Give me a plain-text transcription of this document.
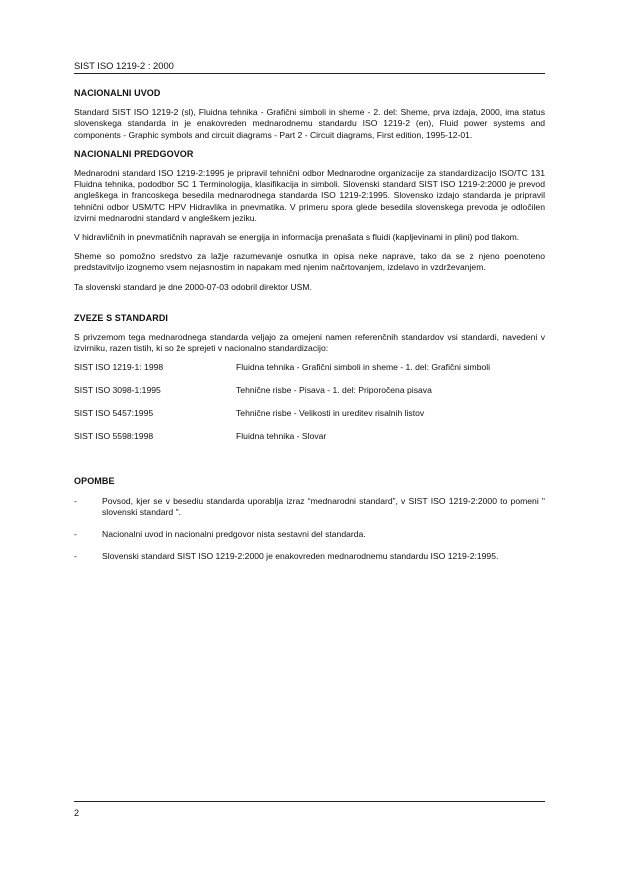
SIST ISO 1219-2 : 2000
NACIONALNI UVOD

Standard SIST ISO 1219-2 (sl), Fluidna tehnika - Grafični simboli in sheme - 2. del: Sheme, prva izdaja, 2000, ima status slovenskega standarda in je enakovreden mednarodnemu standardu ISO 1219-2 (en), Fluid power systems and components - Graphic symbols and circuit diagrams - Part 2 - Circuit diagrams, First edition, 1995-12-01.

NACIONALNI PREDGOVOR

Mednarodni standard ISO 1219-2:1995 je pripravil tehnični odbor Mednarodne organizacije za standardizacijo ISO/TC 131 Fluidna tehnika, pododbor SC 1 Terminologija, klasifikacija in simboli. Slovenski standard SIST ISO 1219-2:2000 je prevod angleškega in francoskega besedila mednarodnega standarda ISO 1219-2:1995. Slovensko izdajo standarda je pripravil tehnični odbor USM/TC HPV Hidravlika in pnevmatika. V primeru spora glede besedila slovenskega prevoda je odločilen izvirni mednarodni standard v angleškem jeziku.

V hidravličnih in pnevmatičnih napravah se energija in informacija prenašata s fluidi (kapljevinami in plini) pod tlakom.

Sheme so pomožno sredstvo za lažje razumevanje osnutka in opisa neke naprave, tako da se z njeno poenoteno predstavitvijo izognemo vsem nejasnostim in napakam med njenim načrtovanjem, izdelavo in vzdrževanjem.

Ta slovenski standard je dne 2000-07-03 odobril direktor USM.

ZVEZE S STANDARDI

S privzemom tega mednarodnega standarda veljajo za omejeni namen referenčnih standardov vsi standardi, navedeni v izvirniku, razen tistih, ki so že sprejeti v nacionalno standardizacijo:

SIST ISO 1219-1: 1998	Fluidna tehnika - Grafični simboli in sheme - 1. del: Grafični simboli
SIST ISO 3098-1:1995	Tehnične risbe - Pisava - 1. del: Priporočena pisava
SIST ISO 5457:1995	Tehnične risbe - Velikosti in ureditev risalnih listov
SIST ISO 5598:1998	Fluidna tehnika - Slovar
OPOMBE
-	Povsod, kjer se v besediu standarda uporablja izraz “mednarodni standard”, v SIST ISO 1219-2:2000 to pomeni " slovenski standard ".
-	Nacionalni uvod in nacionalni predgovor nista sestavni del standarda.
-	Slovenski standard SIST ISO 1219-2:2000 je enakovreden mednarodnemu standardu ISO 1219-2:1995.
2
